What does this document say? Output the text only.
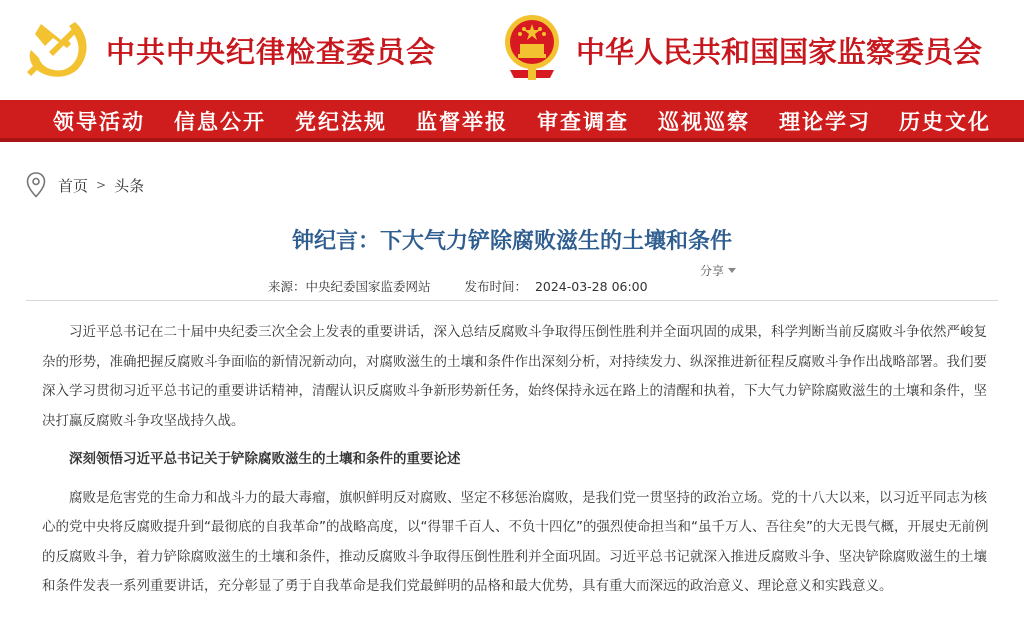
中共中央纪律检查委员会	中华人民共和国国家监察委员会
领导活动 信息公开 党纪法规 监督举报 审查调查 巡视巡察 理论学习 历史文化
首页 > 头条
钟纪言：下大气力铲除腐败滋生的土壤和条件
分享
来源：中央纪委国家监委网站	发布时间：  2024-03-28 06:00

习近平总书记在二十届中央纪委三次全会上发表的重要讲话，深入总结反腐败斗争取得压倒性胜利并全面巩固的成果，科学判断当前反腐败斗争依然严峻复杂的形势，准确把握反腐败斗争面临的新情况新动向，对腐败滋生的土壤和条件作出深刻分析，对持续发力、纵深推进新征程反腐败斗争作出战略部署。我们要深入学习贯彻习近平总书记的重要讲话精神，清醒认识反腐败斗争新形势新任务，始终保持永远在路上的清醒和执着，下大气力铲除腐败滋生的土壤和条件，坚决打赢反腐败斗争攻坚战持久战。

深刻领悟习近平总书记关于铲除腐败滋生的土壤和条件的重要论述

腐败是危害党的生命力和战斗力的最大毒瘤，旗帜鲜明反对腐败、坚定不移惩治腐败，是我们党一贯坚持的政治立场。党的十八大以来，以习近平同志为核心的党中央将反腐败提升到“最彻底的自我革命”的战略高度，以“得罪千百人、不负十四亿”的强烈使命担当和“虽千万人、吾往矣”的大无畏气概，开展史无前例的反腐败斗争，着力铲除腐败滋生的土壤和条件，推动反腐败斗争取得压倒性胜利并全面巩固。习近平总书记就深入推进反腐败斗争、坚决铲除腐败滋生的土壤和条件发表一系列重要讲话，充分彰显了勇于自我革命是我们党最鲜明的品格和最大优势，具有重大而深远的政治意义、理论意义和实践意义。
